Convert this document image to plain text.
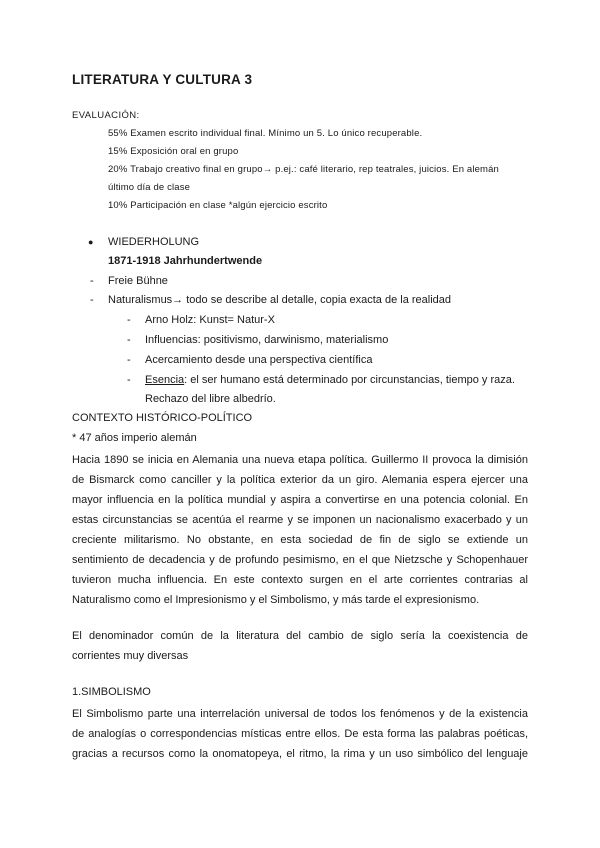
LITERATURA Y CULTURA 3
EVALUACIÓN:
55% Examen escrito individual final. Mínimo un 5. Lo único recuperable.
15% Exposición oral en grupo
20% Trabajo creativo final en grupo→ p.ej.: café literario, rep teatrales, juicios. En alemán
último día de clase
10% Participación en clase *algún ejercicio escrito
● WIEDERHOLUNG
1871-1918 Jahrhundertwende
- Freie Bühne
- Naturalismus→ todo se describe al detalle, copia exacta de la realidad
- Arno Holz: Kunst= Natur-X
- Influencias: positivismo, darwinismo, materialismo
- Acercamiento desde una perspectiva científica
- Esencia: el ser humano está determinado por circunstancias, tiempo y raza.
Rechazo del libre albedrío.
CONTEXTO HISTÓRICO-POLÍTICO
* 47 años imperio alemán
Hacia 1890 se inicia en Alemania una nueva etapa política. Guillermo II provoca la dimisión
de Bismarck como canciller y la política exterior da un giro. Alemania espera ejercer una
mayor influencia en la política mundial y aspira a convertirse en una potencia colonial. En
estas circunstancias se acentúa el rearme y se imponen un nacionalismo exacerbado y un
creciente militarismo. No obstante, en esta sociedad de fin de siglo se extiende un
sentimiento de decadencia y de profundo pesimismo, en el que Nietzsche y Schopenhauer
tuvieron mucha influencia. En este contexto surgen en el arte corrientes contrarias al
Naturalismo como el Impresionismo y el Simbolismo, y más tarde el expresionismo.
El denominador común de la literatura del cambio de siglo sería la coexistencia de
corrientes muy diversas
1.SIMBOLISMO
El Simbolismo parte una interrelación universal de todos los fenómenos y de la existencia
de analogías o correspondencias místicas entre ellos. De esta forma las palabras poéticas,
gracias a recursos como la onomatopeya, el ritmo, la rima y un uso simbólico del lenguaje
